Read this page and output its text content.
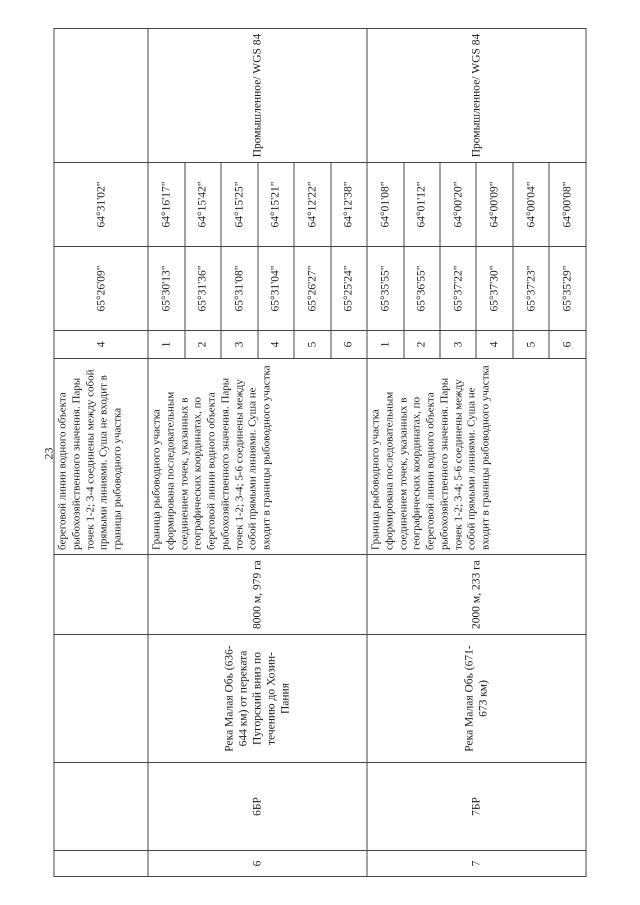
23
				береговой линии водного объекта рыбохозяйственного значения. Пары точек 1-2; 3-4 соединены между собой прямыми линиями. Суша не входит в границы рыбоводного участка	4	65°26'09"	64°31'02"	
6	6БР	Река Малая Обь (636-644 км) от переката Пугорский вниз по течению до Хозин-Пания	8000 м, 979 га	Граница рыбоводного участка сформирована последовательным соединением точек, указанных в географических координатах, по береговой линии водного объекта рыбохозяйственного значения. Пары точек 1-2; 3-4; 5-6 соединены между собой прямыми линиями. Суша не входит в границы рыбоводного участка	1	65°30'13"	64°16'17"	Промышленное/ WGS 84
					2	65°31'36"	64°15'42"	
					3	65°31'08"	64°15'25"	
					4	65°31'04"	64°15'21"	
					5	65°26'27"	64°12'22"	
					6	65°25'24"	64°12'38"	
7	7БР	Река Малая Обь (671-673 км)	2000 м, 233 га	Граница рыбоводного участка сформирована последовательным соединением точек, указанных в географических координатах, по береговой линии водного объекта рыбохозяйственного значения. Пары точек 1-2; 3-4; 5-6 соединены между собой прямыми линиями. Суша не входит в границы рыбоводного участка	1	65°35'55"	64°01'08"	Промышленное/ WGS 84
					2	65°36'55"	64°01'12"	
					3	65°37'22"	64°00'20"	
					4	65°37'30"	64°00'09"	
					5	65°37'23"	64°00'04"	
					6	65°35'29"	64°00'08"	
